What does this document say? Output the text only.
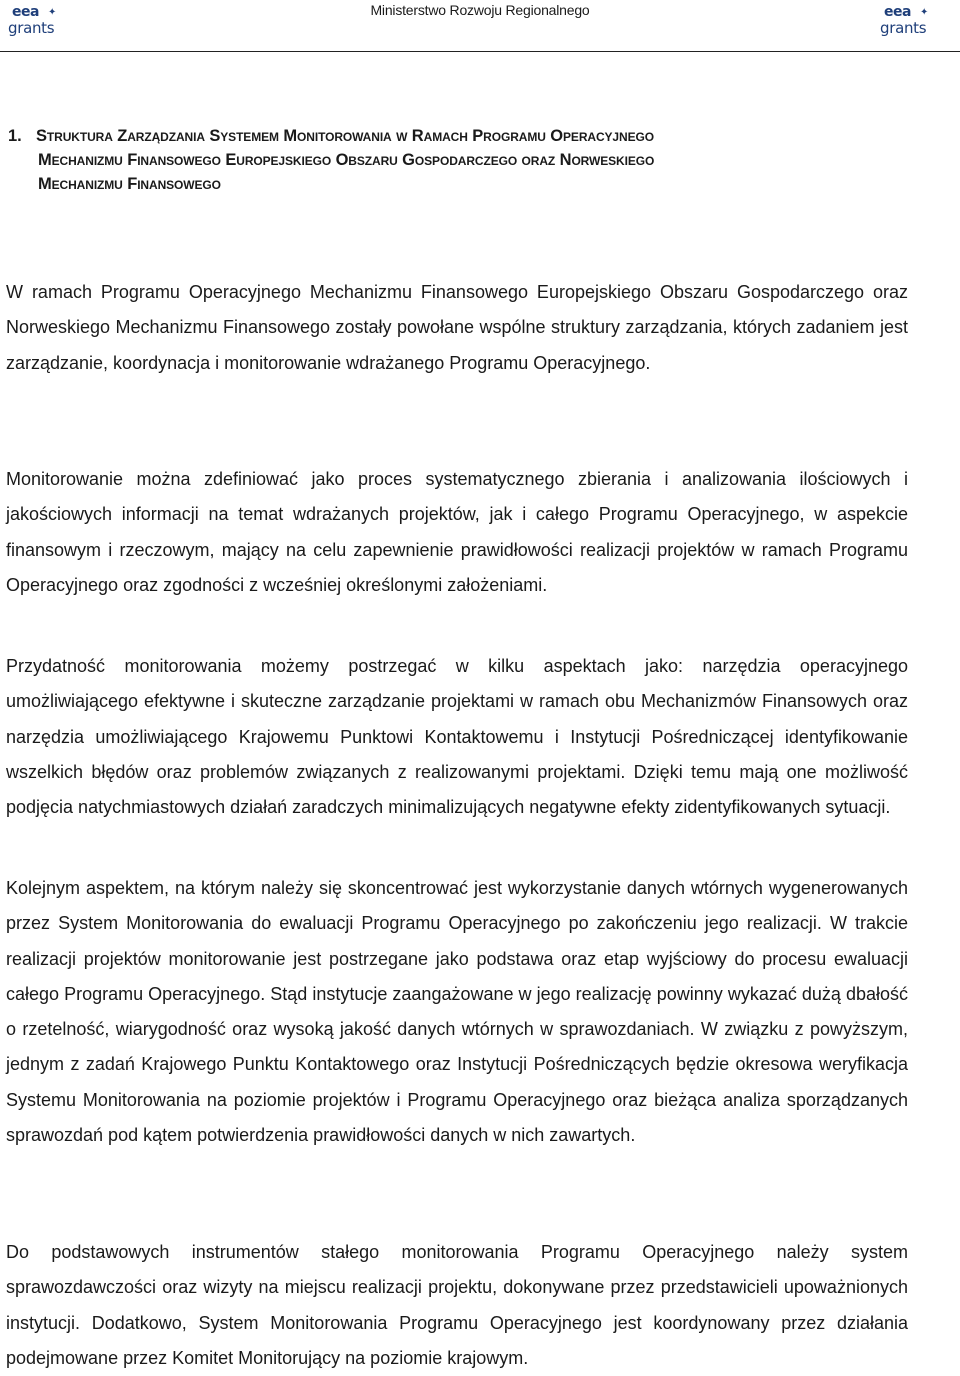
eea ✦
grants
Ministerstwo Rozwoju Regionalnego	eea ✦
grants
1. Struktura Zarządzania Systemem Monitorowania w Ramach Programu Operacyjnego
Mechanizmu Finansowego Europejskiego Obszaru Gospodarczego oraz Norweskiego
Mechanizmu Finansowego

W ramach Programu Operacyjnego Mechanizmu Finansowego Europejskiego Obszaru Gospodarczego oraz Norweskiego Mechanizmu Finansowego zostały powołane wspólne struktury zarządzania, których zadaniem jest zarządzanie, koordynacja i monitorowanie wdrażanego Programu Operacyjnego.

Monitorowanie można zdefiniować jako proces systematycznego zbierania i analizowania ilościowych i jakościowych informacji na temat wdrażanych projektów, jak i całego Programu Operacyjnego, w aspekcie finansowym i rzeczowym, mający na celu zapewnienie prawidłowości realizacji projektów w ramach Programu Operacyjnego oraz zgodności z wcześniej określonymi założeniami.

Przydatność monitorowania możemy postrzegać w kilku aspektach jako: narzędzia operacyjnego umożliwiającego efektywne i skuteczne zarządzanie projektami w ramach obu Mechanizmów Finansowych oraz narzędzia umożliwiającego Krajowemu Punktowi Kontaktowemu i Instytucji Pośredniczącej identyfikowanie wszelkich błędów oraz problemów związanych z realizowanymi projektami. Dzięki temu mają one możliwość podjęcia natychmiastowych działań zaradczych minimalizujących negatywne efekty zidentyfikowanych sytuacji.

Kolejnym aspektem, na którym należy się skoncentrować jest wykorzystanie danych wtórnych wygenerowanych przez System Monitorowania do ewaluacji Programu Operacyjnego po zakończeniu jego realizacji. W trakcie realizacji projektów monitorowanie jest postrzegane jako podstawa oraz etap wyjściowy do procesu ewaluacji całego Programu Operacyjnego. Stąd instytucje zaangażowane w jego realizację powinny wykazać dużą dbałość o rzetelność, wiarygodność oraz wysoką jakość danych wtórnych w sprawozdaniach. W związku z powyższym, jednym z zadań Krajowego Punktu Kontaktowego oraz Instytucji Pośredniczących będzie okresowa weryfikacja Systemu Monitorowania na poziomie projektów i Programu Operacyjnego oraz bieżąca analiza sporządzanych sprawozdań pod kątem potwierdzenia prawidłowości danych w nich zawartych.

Do podstawowych instrumentów stałego monitorowania Programu Operacyjnego należy system sprawozdawczości oraz wizyty na miejscu realizacji projektu, dokonywane przez przedstawicieli upoważnionych instytucji. Dodatkowo, System Monitorowania Programu Operacyjnego jest koordynowany przez działania podejmowane przez Komitet Monitorujący na poziomie krajowym.
